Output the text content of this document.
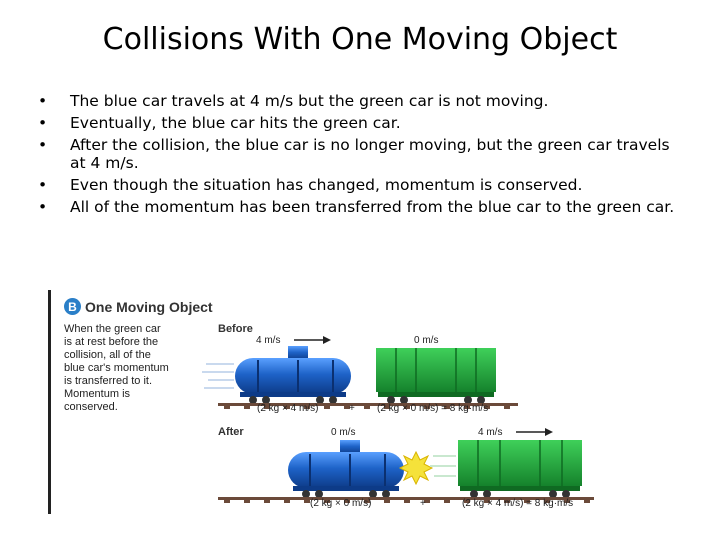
Collisions With One Moving Object
• The blue car travels at 4 m/s but the green car is not moving.
• Eventually, the blue car hits the green car.
• After the collision, the blue car is no longer moving, but the green car travels at 4 m/s.
• Even though the situation has changed, momentum is conserved.
• All of the momentum has been transferred from the blue car to the green car.
B One Moving Object
When the green car
is at rest before the
collision, all of the
blue car's momentum
is transferred to it.
Momentum is
conserved.
Before
4 m/s	0 m/s
(2 kg × 4 m/s)	+ (2 kg × 0 m/s) = 8 kg·m/s
After	0 m/s	4 m/s
(2 kg × 0 m/s)	+	(2 kg × 4 m/s) = 8 kg·m/s
